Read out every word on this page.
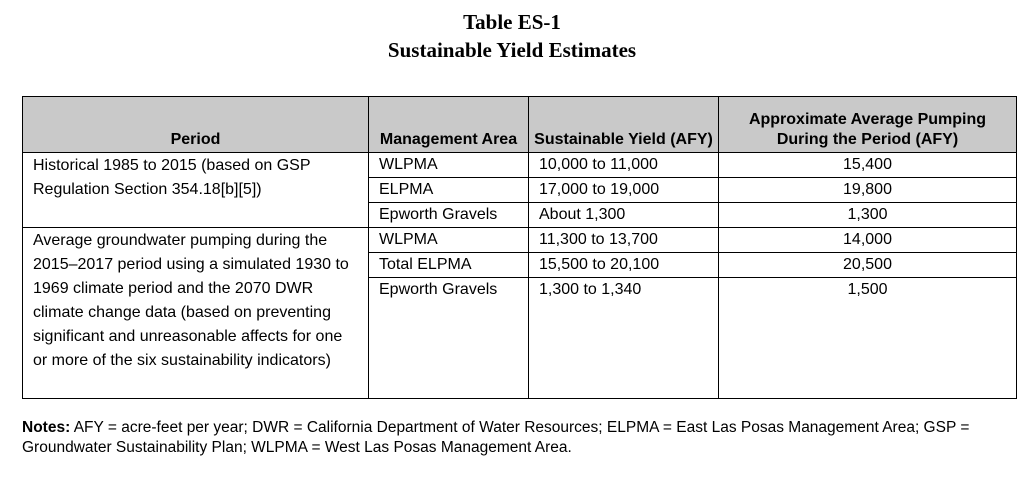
Table ES-1
Sustainable Yield Estimates
Period	Management Area	Sustainable Yield (AFY)	Approximate Average Pumping During the Period (AFY)
Historical 1985 to 2015 (based on GSP Regulation Section 354.18[b][5])	WLPMA	10,000 to 11,000	15,400
	ELPMA	17,000 to 19,000	19,800
	Epworth Gravels	About 1,300	1,300
Average groundwater pumping during the 2015–2017 period using a simulated 1930 to 1969 climate period and the 2070 DWR climate change data (based on preventing significant and unreasonable affects for one or more of the six sustainability indicators)	WLPMA	11,300 to 13,700	14,000
	Total ELPMA	15,500 to 20,100	20,500
	Epworth Gravels	1,300 to 1,340	1,500
Notes: AFY = acre-feet per year; DWR = California Department of Water Resources; ELPMA = East Las Posas Management Area; GSP = Groundwater Sustainability Plan; WLPMA = West Las Posas Management Area.
